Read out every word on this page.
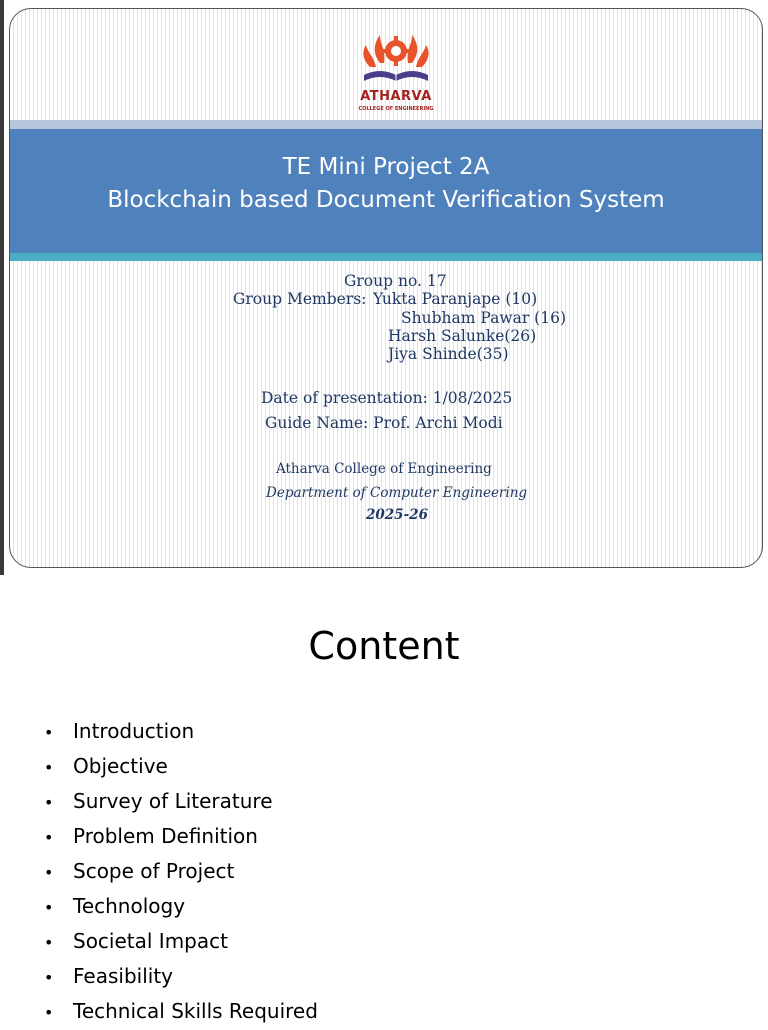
ATHARVA
COLLEGE OF ENGINEERING
TE Mini Project 2A
Blockchain based Document Verification System
Group no. 17
Group Members: Yukta Paranjape (10)
Shubham Pawar (16)
Harsh Salunke(26)
Jiya Shinde(35)
Date of presentation: 1/08/2025
Guide Name: Prof. Archi Modi
Atharva College of Engineering
Department of Computer Engineering
2025-26
Content
• Introduction
• Objective
• Survey of Literature
• Problem Definition
• Scope of Project
• Technology
• Societal Impact
• Feasibility
• Technical Skills Required
